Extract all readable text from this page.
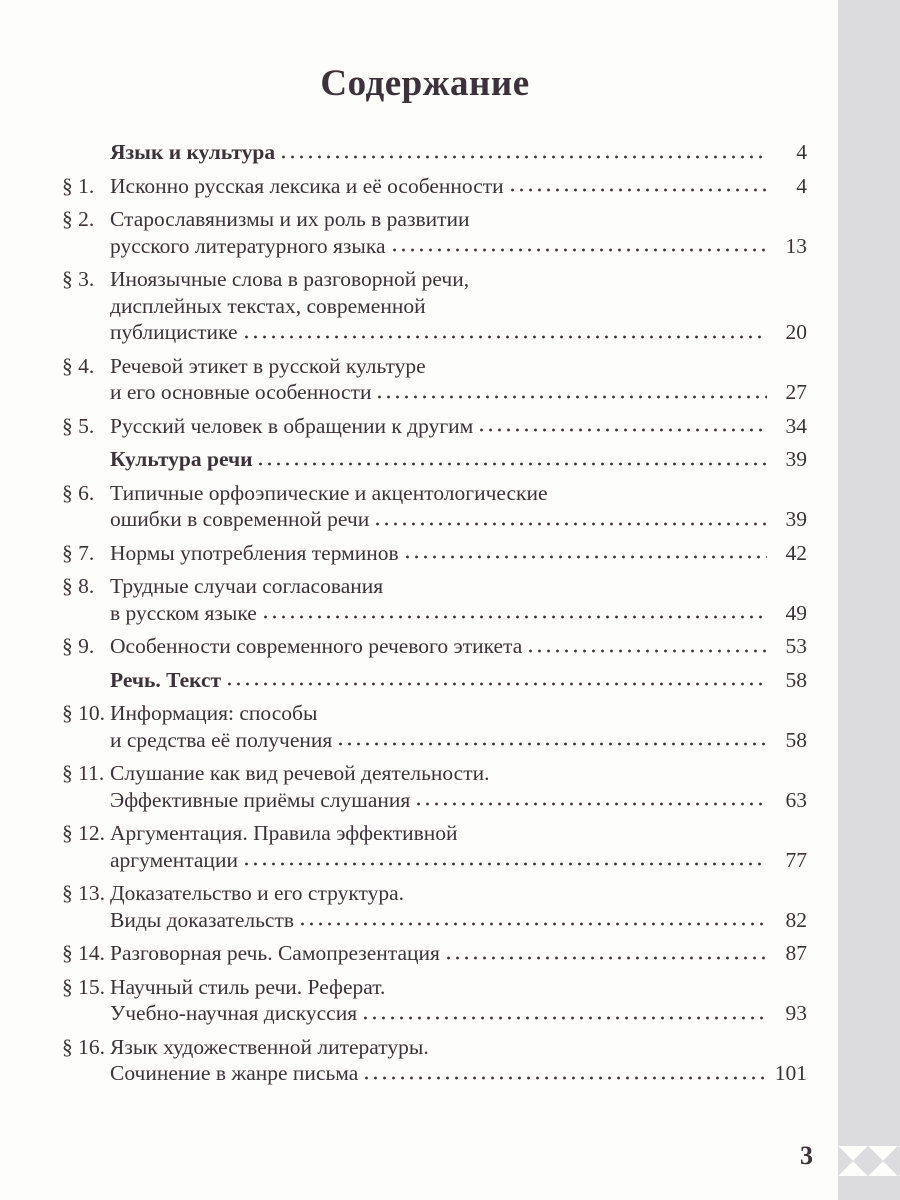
Содержание
Язык и культура	4
§ 1. Исконно русская лексика и её особенности	4
§ 2. Старославянизмы и их роль в развитии
русского литературного языка	13
§ 3. Иноязычные слова в разговорной речи,
дисплейных текстах, современной
публицистике	20
§ 4. Речевой этикет в русской культуре
и его основные особенности	27
§ 5. Русский человек в обращении к другим	34
Культура речи	39
§ 6. Типичные орфоэпические и акцентологические
ошибки в современной речи	39
§ 7. Нормы употребления терминов	42
§ 8. Трудные случаи согласования
в русском языке	49
§ 9. Особенности современного речевого этикета	53
Речь. Текст	58
§ 10. Информация: способы
и средства её получения	58
§ 11. Слушание как вид речевой деятельности.
Эффективные приёмы слушания	63
§ 12. Аргументация. Правила эффективной
аргументации	77
§ 13. Доказательство и его структура.
Виды доказательств	82
§ 14. Разговорная речь. Самопрезентация	87
§ 15. Научный стиль речи. Реферат.
Учебно-научная дискуссия	93
§ 16. Язык художественной литературы.
Сочинение в жанре письма	101
3
